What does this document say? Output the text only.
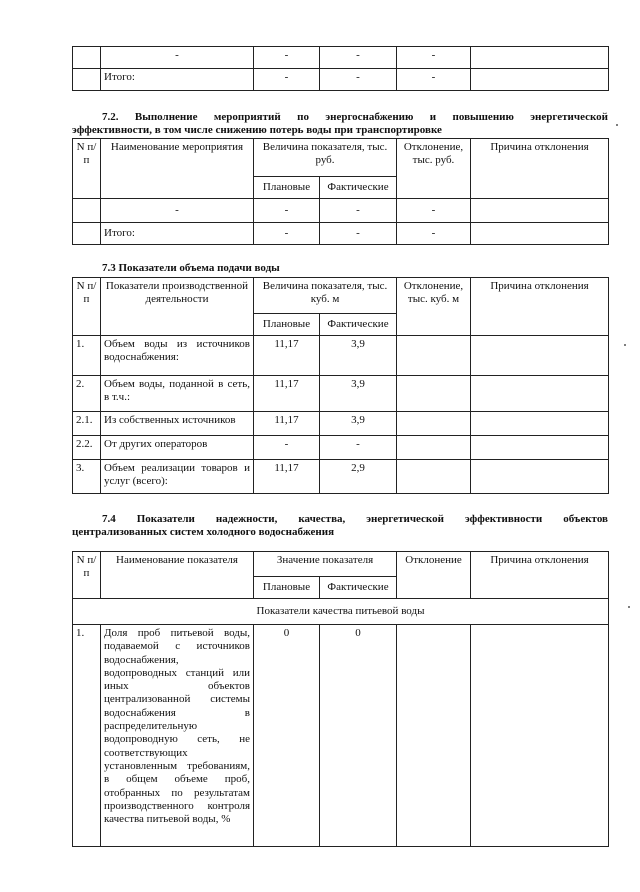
	-	-	-	-	
	Итого:	-	-	-	
7.2. Выполнение мероприятий по энергоснабжению и повышению энергетической
эффективности, в том числе снижению потерь воды при транспортировке
N п/п	Наименование мероприятия	Величина показателя, тыс. руб.		Отклонение, тыс. руб.	Причина отклонения
		Плановые	Фактические		
	-	-	-	-	
	Итого:	-	-	-	
7.3 Показатели объема подачи воды
N п/п	Показатели производственной деятельности	Величина показателя, тыс. куб. м		Отклонение, тыс. куб. м	Причина отклонения
		Плановые	Фактические		
1.	Объем воды из источников водоснабжения:	11,17	3,9		
2.	Объем воды, поданной в сеть, в т.ч.:	11,17	3,9		
2.1.	Из собственных источников	11,17	3,9		
2.2.	От других операторов	-	-		
3.	Объем реализации товаров и услуг (всего):	11,17	2,9		
7.4 Показатели надежности, качества, энергетической эффективности объектов
централизованных систем холодного водоснабжения
N п/п	Наименование показателя	Значение показателя		Отклонение	Причина отклонения
		Плановые	Фактические		
Показатели качества питьевой воды					
1.	Доля проб питьевой воды, подаваемой с источников водоснабжения, водопроводных станций или иных объектов централизованной системы водоснабжения в распределительную водопроводную сеть, не соответствующих установленным требованиям, в общем объеме проб, отобранных по результатам производственного контроля качества питьевой воды, %	0	0		
